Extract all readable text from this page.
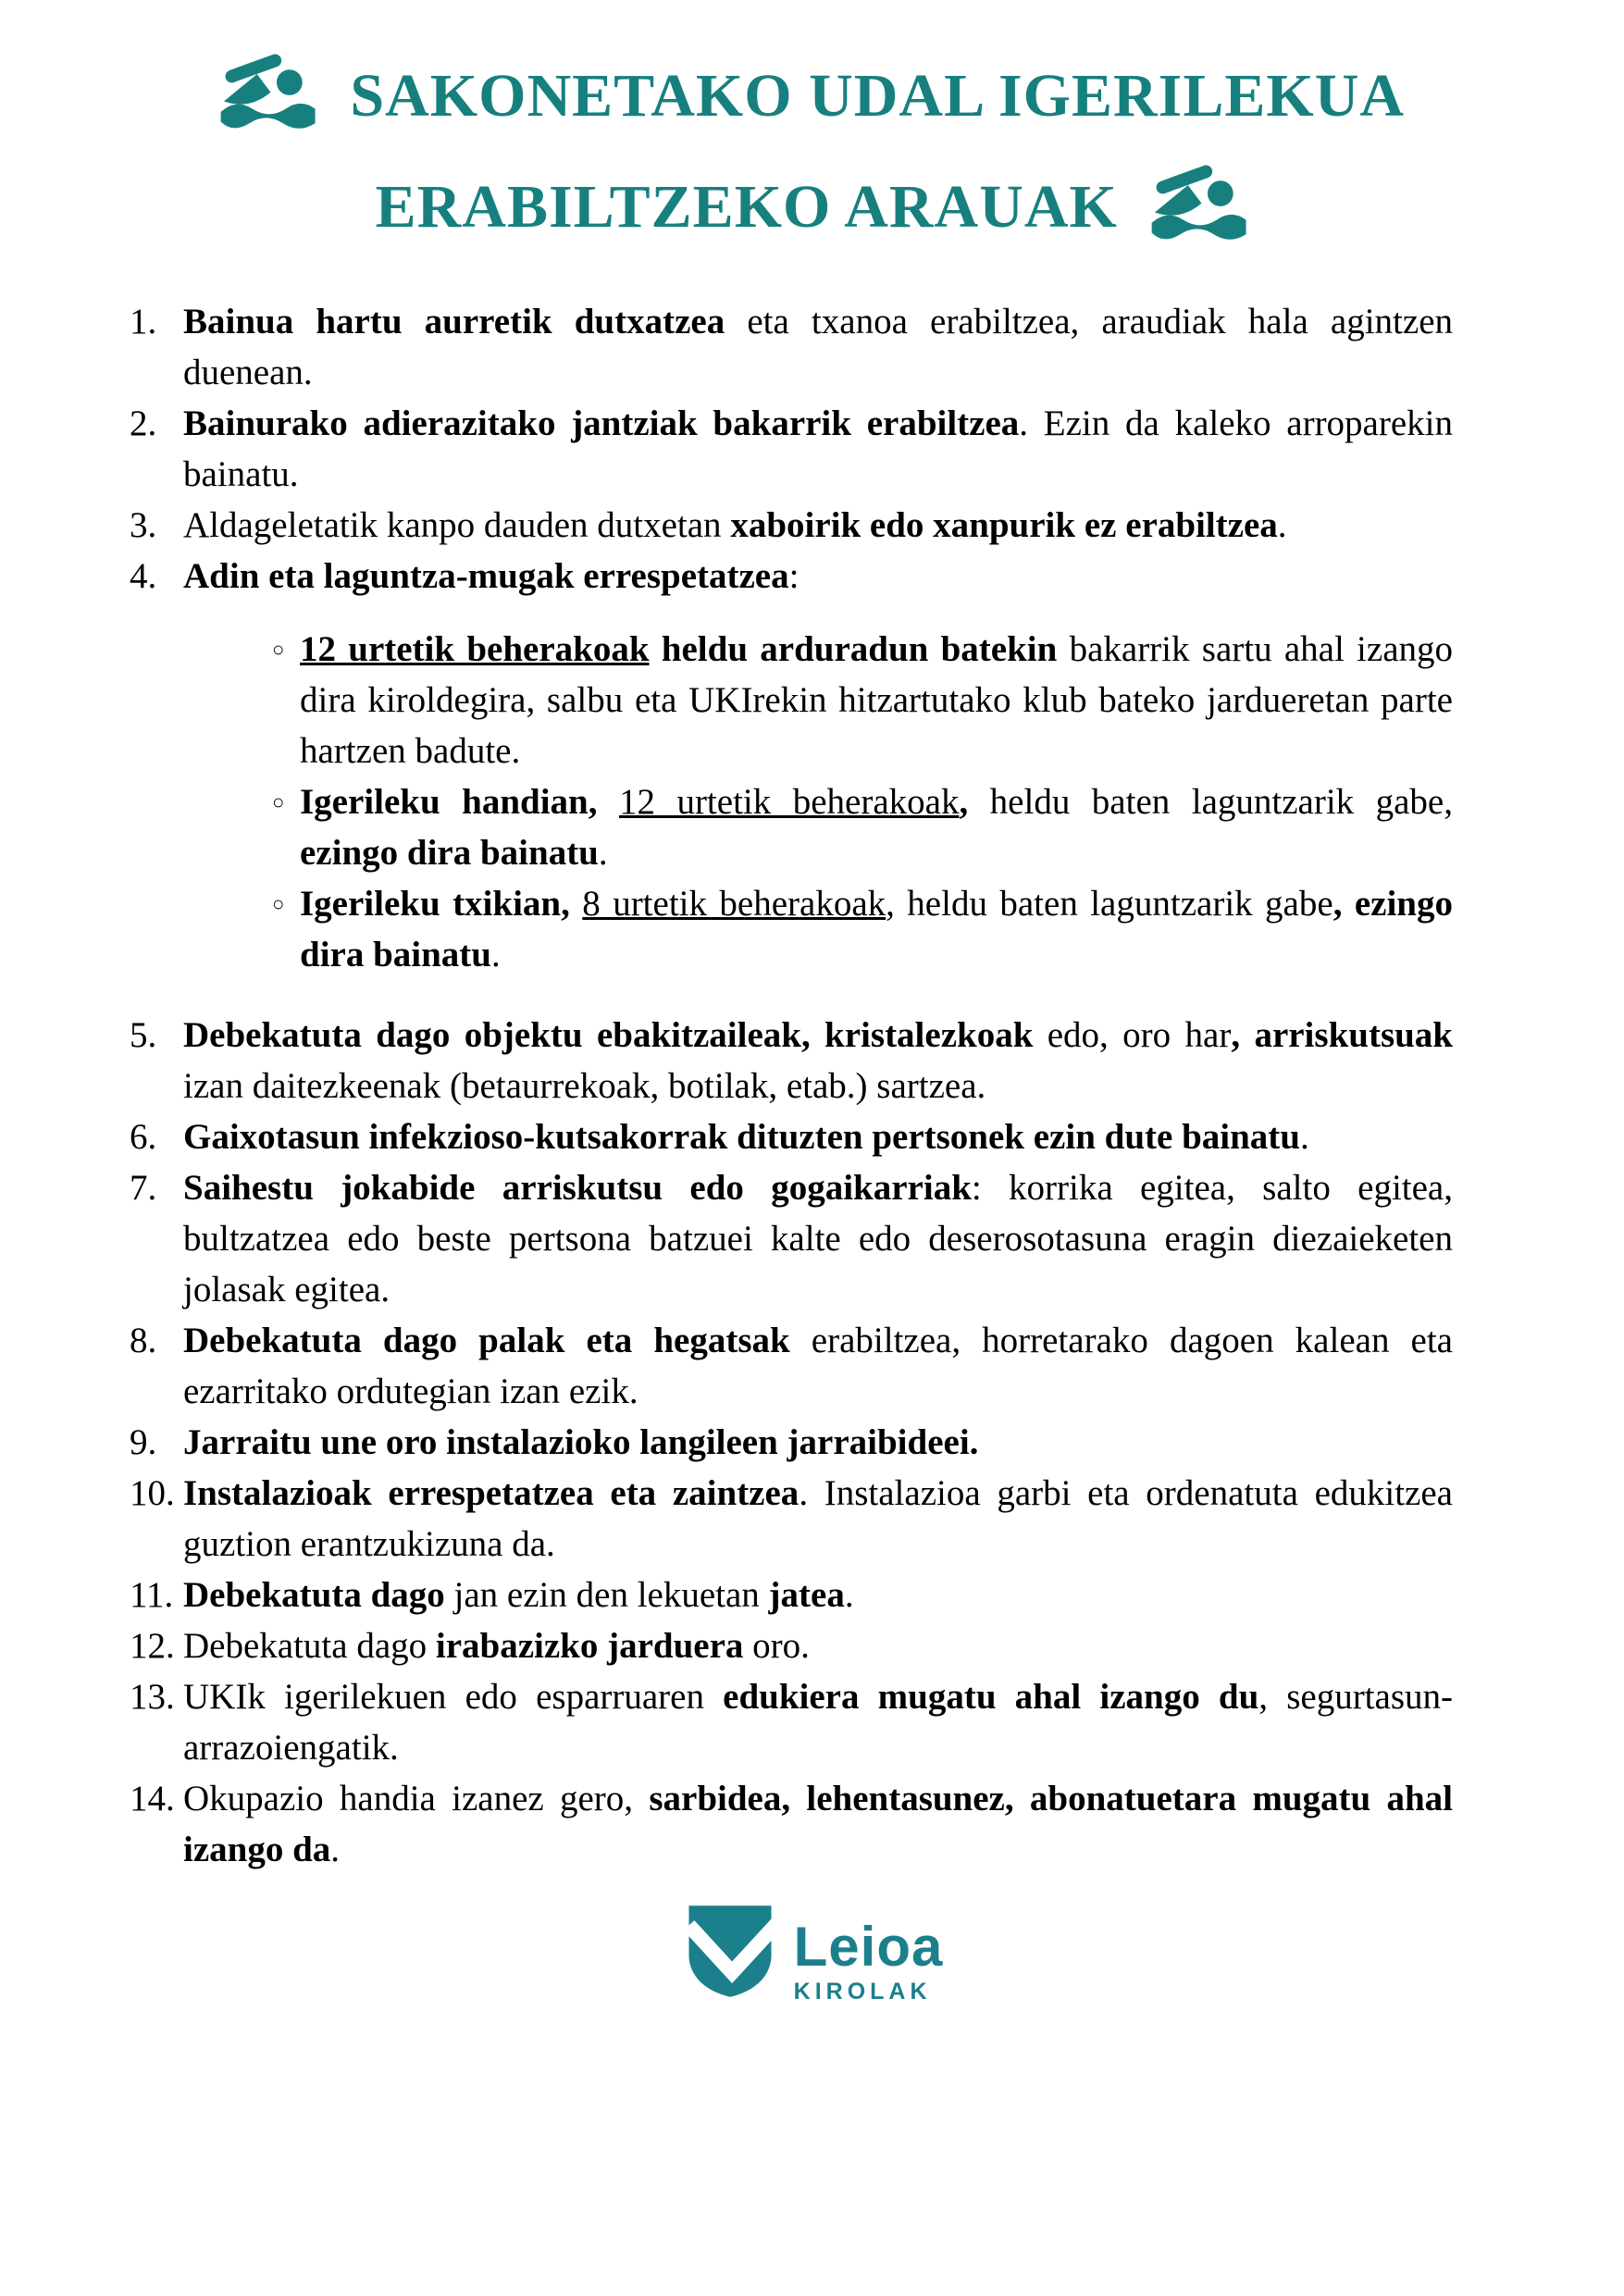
SAKONETAKO UDAL IGERILEKUA
ERABILTZEKO ARAUAK
1. Bainua hartu aurretik dutxatzea eta txanoa erabiltzea, araudiak hala agintzen duenean.
2. Bainurako adierazitako jantziak bakarrik erabiltzea. Ezin da kaleko arroparekin bainatu.
3. Aldageletatik kanpo dauden dutxetan xaboirik edo xanpurik ez erabiltzea.
4. Adin eta laguntza-mugak errespetatzea:
○ 12 urtetik beherakoak heldu arduradun batekin bakarrik sartu ahal izango dira kiroldegira, salbu eta UKIrekin hitzartutako klub bateko jardueretan parte hartzen badute.
○ Igerileku handian, 12 urtetik beherakoak, heldu baten laguntzarik gabe, ezingo dira bainatu.
○ Igerileku txikian, 8 urtetik beherakoak, heldu baten laguntzarik gabe, ezingo dira bainatu.
5. Debekatuta dago objektu ebakitzaileak, kristalezkoak edo, oro har, arriskutsuak izan daitezkeenak (betaurrekoak, botilak, etab.) sartzea.
6. Gaixotasun infekzioso-kutsakorrak dituzten pertsonek ezin dute bainatu.
7. Saihestu jokabide arriskutsu edo gogaikarriak: korrika egitea, salto egitea, bultzatzea edo beste pertsona batzuei kalte edo deserosotasuna eragin diezaieketen jolasak egitea.
8. Debekatuta dago palak eta hegatsak erabiltzea, horretarako dagoen kalean eta ezarritako ordutegian izan ezik.
9. Jarraitu une oro instalazioko langileen jarraibideei.
10. Instalazioak errespetatzea eta zaintzea. Instalazioa garbi eta ordenatuta edukitzea guztion erantzukizuna da.
11. Debekatuta dago jan ezin den lekuetan jatea.
12. Debekatuta dago irabazizko jarduera oro.
13. UKIk igerilekuen edo esparruaren edukiera mugatu ahal izango du, segurtasun-arrazoiengatik.
14. Okupazio handia izanez gero, sarbidea, lehentasunez, abonatuetara mugatu ahal izango da.
Leioa
KIROLAK
